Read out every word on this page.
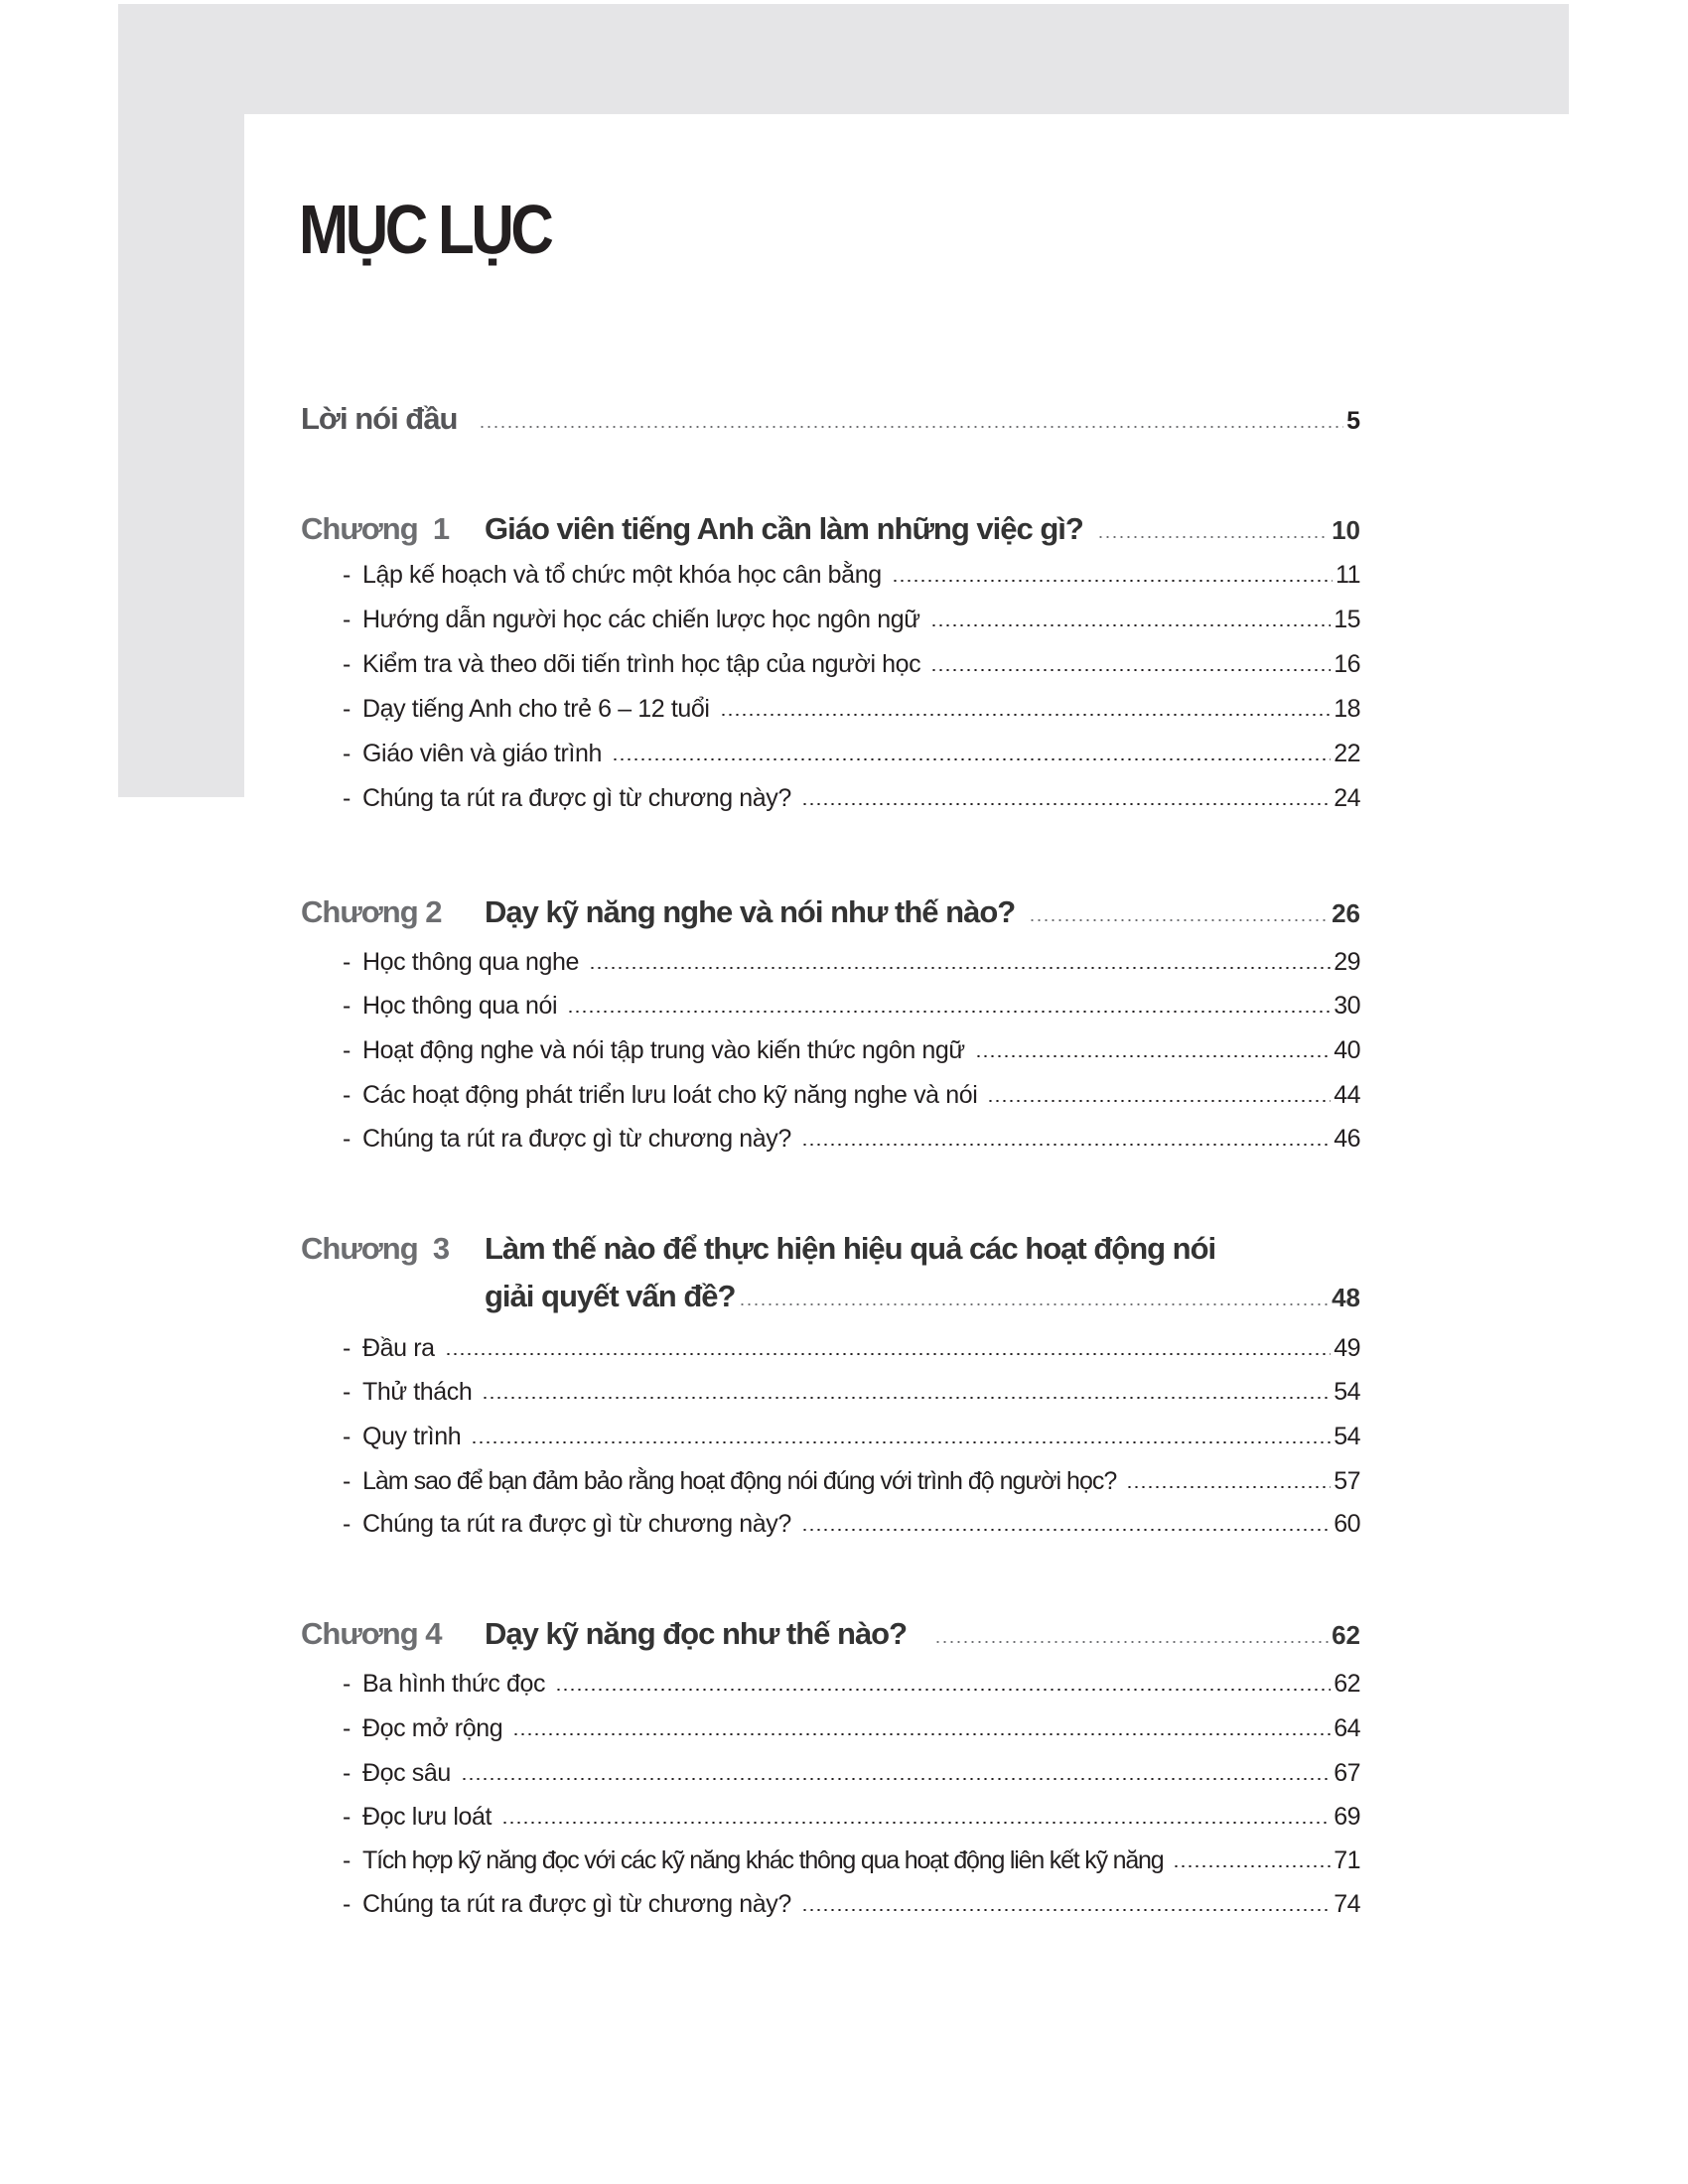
MỤC LỤC
Lời nói đầu	5
Chương  1	Giáo viên tiếng Anh cần làm những việc gì?	10
- Lập kế hoạch và tổ chức một khóa học cân bằng	11
- Hướng dẫn người học các chiến lược học ngôn ngữ	15
- Kiểm tra và theo dõi tiến trình học tập của người học	16
- Dạy tiếng Anh cho trẻ 6 – 12 tuổi	18
- Giáo viên và giáo trình	22
- Chúng ta rút ra được gì từ chương này?	24
Chương 2	Dạy kỹ năng nghe và nói như thế nào?	26
- Học thông qua nghe	29
- Học thông qua nói	30
- Hoạt động nghe và nói tập trung vào kiến thức ngôn ngữ	40
- Các hoạt động phát triển lưu loát cho kỹ năng nghe và nói	44
- Chúng ta rút ra được gì từ chương này?	46
Chương  3	Làm thế nào để thực hiện hiệu quả các hoạt động nói
giải quyết vấn đề?	48
- Đầu ra	49
- Thử thách	54
- Quy trình	54
- Làm sao để bạn đảm bảo rằng hoạt động nói đúng với trình độ người học?	57
- Chúng ta rút ra được gì từ chương này?	60
Chương 4	Dạy kỹ năng đọc như thế nào?	62
- Ba hình thức đọc	62
- Đọc mở rộng	64
- Đọc sâu	67
- Đọc lưu loát	69
- Tích hợp kỹ năng đọc với các kỹ năng khác thông qua hoạt động liên kết kỹ năng	71
- Chúng ta rút ra được gì từ chương này?	74
